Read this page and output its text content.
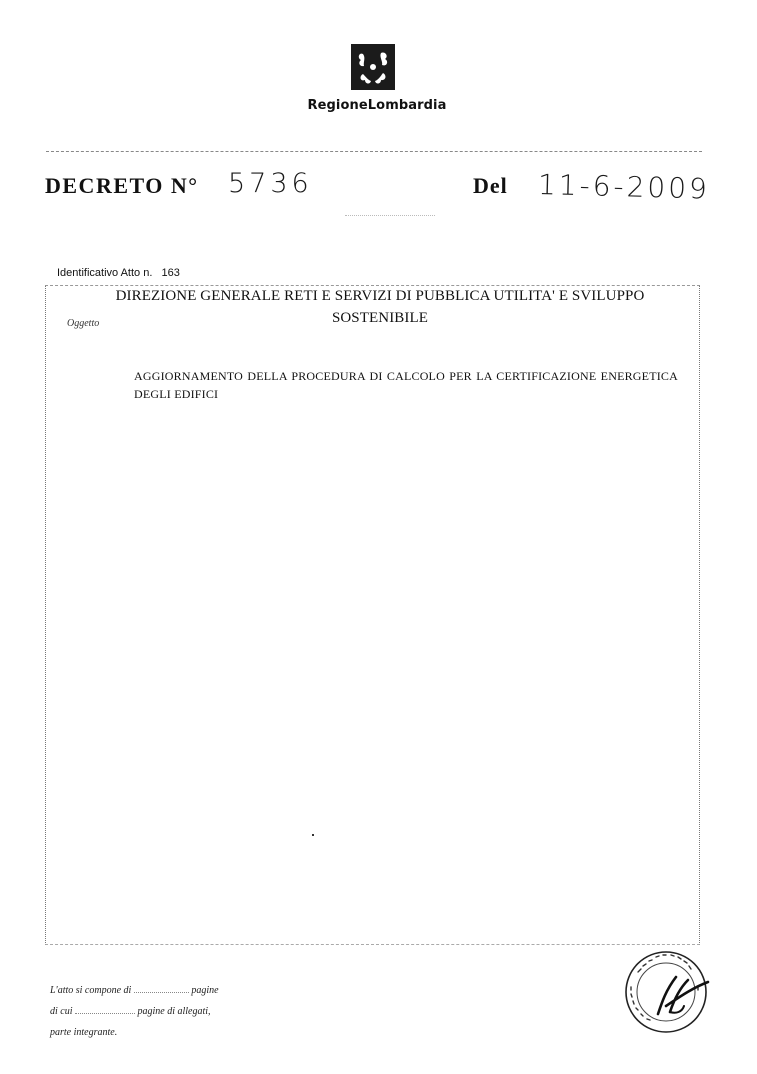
RegioneLombardia
DECRETO N° 5736	Del 11-6-2009
Identificativo Atto n.   163
DIREZIONE GENERALE RETI E SERVIZI DI PUBBLICA UTILITA' E SVILUPPO
SOSTENIBILE
Oggetto
AGGIORNAMENTO DELLA PROCEDURA DI CALCOLO PER LA CERTIFICAZIONE ENERGETICA DEGLI EDIFICI
L'atto si compone di	pagine
di cui	pagine di allegati,
parte integrante.
